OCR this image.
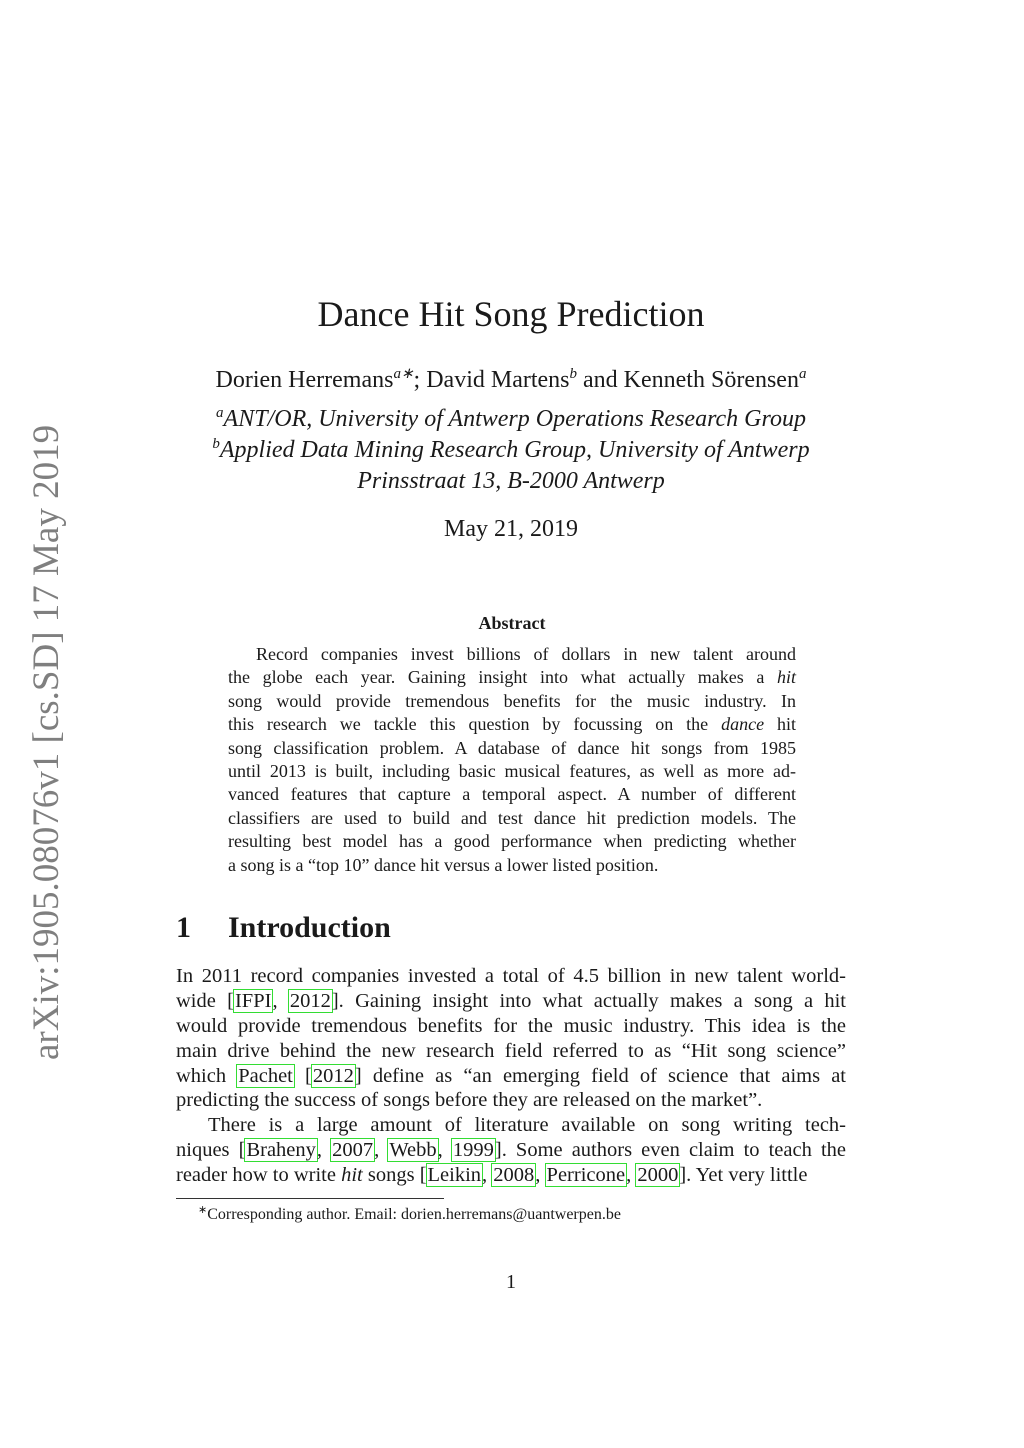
arXiv:1905.08076v1 [cs.SD] 17 May 2019
Dance Hit Song Prediction
Dorien Herremans$^{a∗}$; David Martens$^b$ and Kenneth Sörensen$^a$
$^a$ANT/OR, University of Antwerp Operations Research Group
$^b$Applied Data Mining Research Group, University of Antwerp
Prinsstraat 13, B-2000 Antwerp
May 21, 2019
Abstract
Record companies invest billions of dollars in new talent around
the globe each year. Gaining insight into what actually makes a hit
song would provide tremendous benefits for the music industry. In
this research we tackle this question by focussing on the dance hit
song classification problem. A database of dance hit songs from 1985
until 2013 is built, including basic musical features, as well as more ad-
vanced features that capture a temporal aspect. A number of different
classifiers are used to build and test dance hit prediction models. The
resulting best model has a good performance when predicting whether
a song is a “top 10” dance hit versus a lower listed position.
1 Introduction
In 2011 record companies invested a total of 4.5 billion in new talent world-
wide [IFPI, 2012]. Gaining insight into what actually makes a song a hit
would provide tremendous benefits for the music industry. This idea is the
main drive behind the new research field referred to as “Hit song science”
which Pachet [2012] define as “an emerging field of science that aims at
predicting the success of songs before they are released on the market”.
There is a large amount of literature available on song writing tech-
niques [Braheny, 2007, Webb, 1999]. Some authors even claim to teach the
reader how to write hit songs [Leikin, 2008, Perricone, 2000]. Yet very little
∗Corresponding author. Email: dorien.herremans@uantwerpen.be
1
